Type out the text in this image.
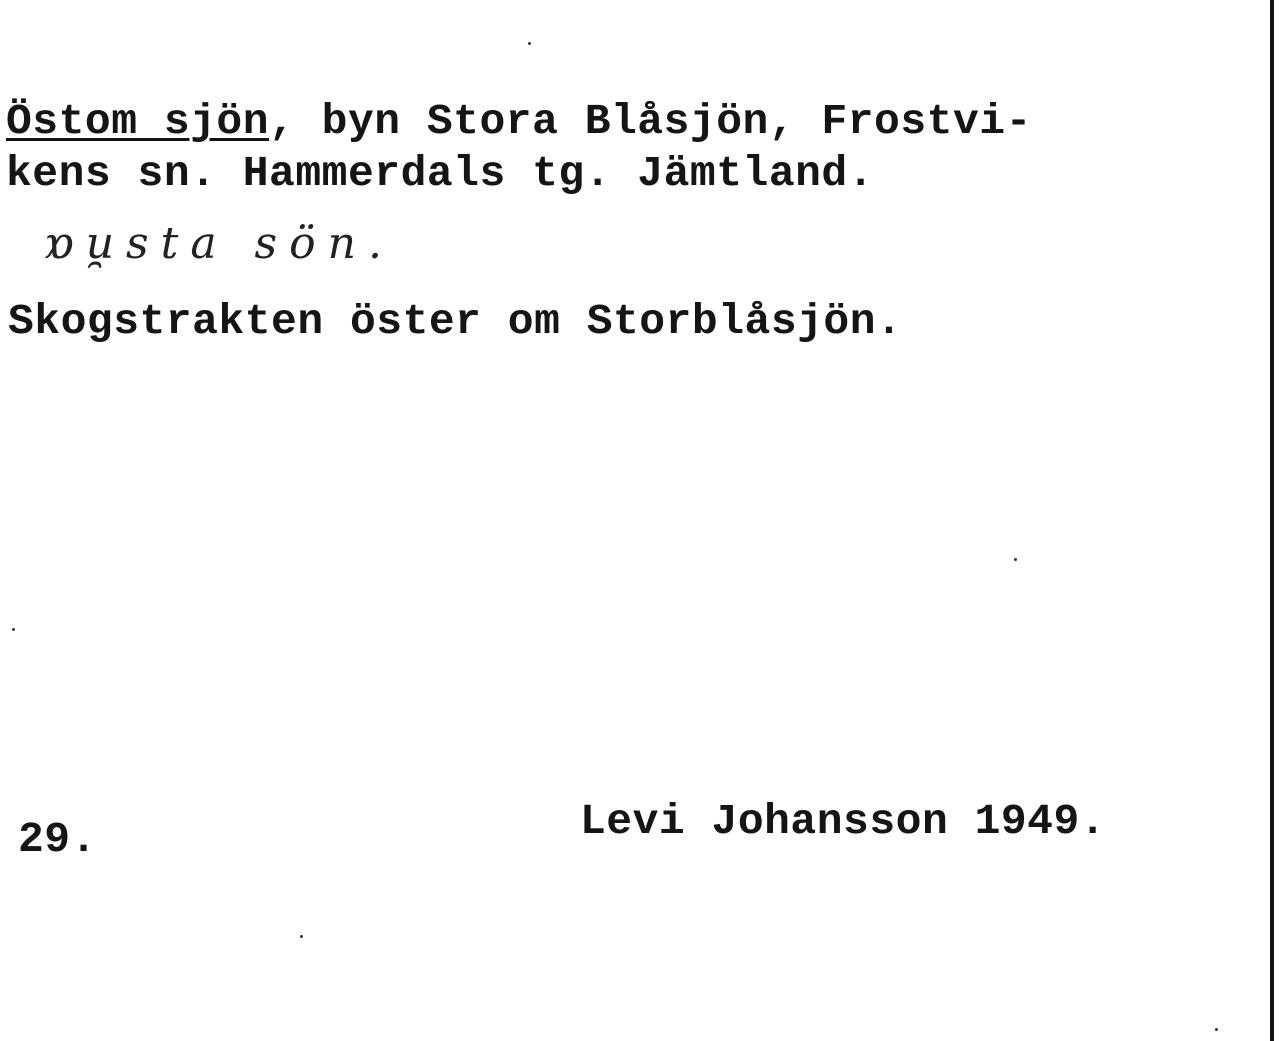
Östom sjön, byn Stora Blåsjön, Frostvi-
kens sn. Hammerdals tg. Jämtland.
ɒu̯sta sön.
Skogstrakten öster om Storblåsjön.
29.	Levi Johansson 1949.
